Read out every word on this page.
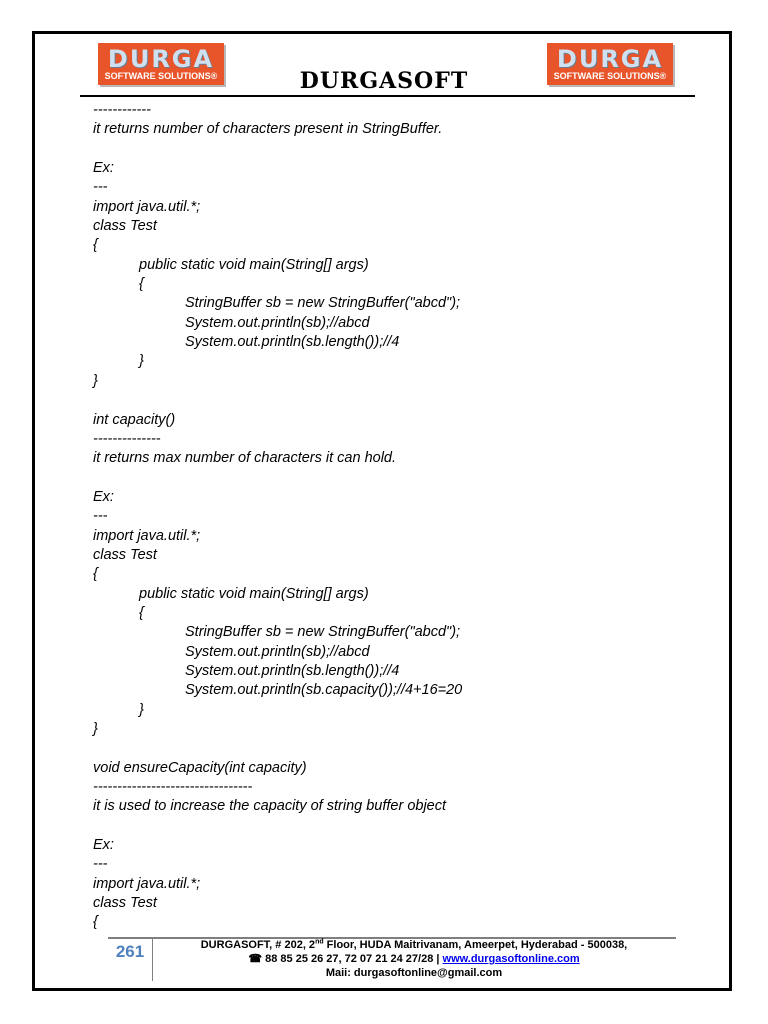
DURGA
SOFTWARE SOLUTIONS®	DURGASOFT
DURGA
SOFTWARE SOLUTIONS®
------------
it returns number of characters present in StringBuffer.
Ex:
---
import java.util.*;
class Test
{
public static void main(String[] args)
{
StringBuffer sb = new StringBuffer("abcd");
System.out.println(sb);//abcd
System.out.println(sb.length());//4
}
}
int capacity()
--------------
it returns max number of characters it can hold.
Ex:
---
import java.util.*;
class Test
{
public static void main(String[] args)
{
StringBuffer sb = new StringBuffer("abcd");
System.out.println(sb);//abcd
System.out.println(sb.length());//4
System.out.println(sb.capacity());//4+16=20
}
}
void ensureCapacity(int capacity)
---------------------------------
it is used to increase the capacity of string buffer object
Ex:
---
import java.util.*;
class Test
{
261	DURGASOFT, # 202, 2nd Floor, HUDA Maitrivanam, Ameerpet, Hyderabad - 500038,
☎ 88 85 25 26 27, 72 07 21 24 27/28 | www.durgasoftonline.com
Maii: durgasoftonline@gmail.com
